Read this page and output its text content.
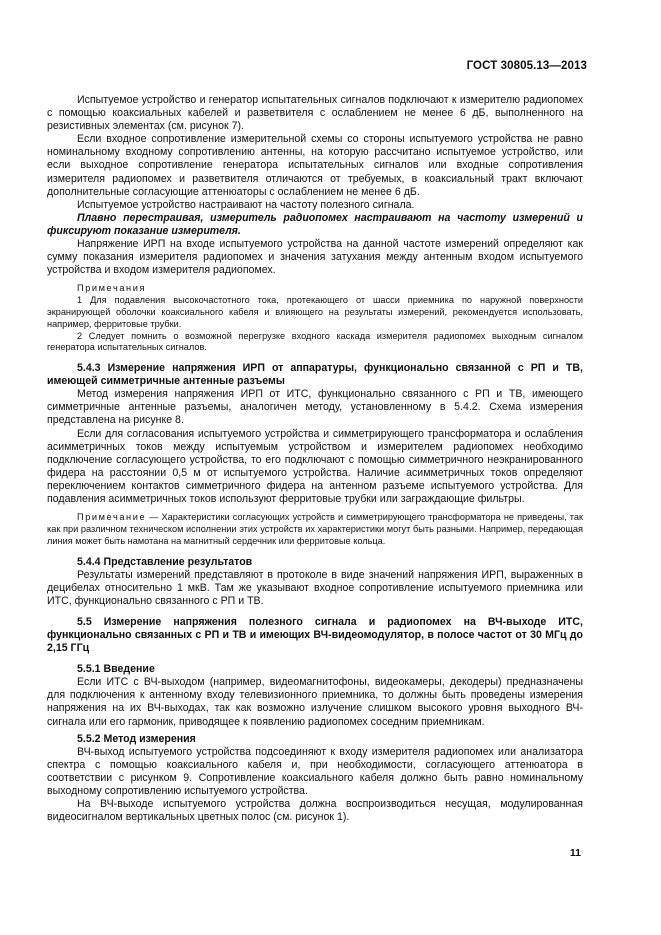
ГОСТ 30805.13—2013

Испытуемое устройство и генератор испытательных сигналов подключают к измерителю радиопомех с помощью коаксиальных кабелей и разветвителя с ослаблением не менее 6 дБ, выполненного на резистивных элементах (см. рисунок 7).

Если входное сопротивление измерительной схемы со стороны испытуемого устройства не равно номинальному входному сопротивлению антенны, на которую рассчитано испытуемое устройство, или если выходное сопротивление генератора испытательных сигналов или входные сопротивления измерителя радиопомех и разветвителя отличаются от требуемых, в коаксиальный тракт включают дополнительные согласующие аттенюаторы с ослаблением не менее 6 дБ.

Испытуемое устройство настраивают на частоту полезного сигнала.

Плавно перестраивая, измеритель радиопомех настраивают на частоту измерений и фиксируют показание измерителя.

Напряжение ИРП на входе испытуемого устройства на данной частоте измерений определяют как сумму показания измерителя радиопомех и значения затухания между антенным входом испытуемого устройства и входом измерителя радиопомех.

Примечания

1 Для подавления высокочастотного тока, протекающего от шасси приемника по наружной поверхности экранирующей оболочки коаксиального кабеля и влияющего на результаты измерений, рекомендуется использовать, например, ферритовые трубки.

2 Следует помнить о возможной перегрузке входного каскада измерителя радиопомех выходным сигналом генератора испытательных сигналов.

5.4.3 Измерение напряжения ИРП от аппаратуры, функционально связанной с РП и ТВ, имеющей симметричные антенные разъемы

Метод измерения напряжения ИРП от ИТС, функционально связанного с РП и ТВ, имеющего симметричные антенные разъемы, аналогичен методу, установленному в 5.4.2. Схема измерения представлена на рисунке 8.

Если для согласования испытуемого устройства и симметрирующего трансформатора и ослабления асимметричных токов между испытуемым устройством и измерителем радиопомех необходимо подключение согласующего устройства, то его подключают с помощью симметричного неэкранированного фидера на расстоянии 0,5 м от испытуемого устройства. Наличие асимметричных токов определяют переключением контактов симметричного фидера на антенном разъеме испытуемого устройства. Для подавления асимметричных токов используют ферритовые трубки или заграждающие фильтры.

Примечание — Характеристики согласующих устройств и симметрирующего трансформатора не приведены, так как при различном техническом исполнении этих устройств их характеристики могут быть разными. Например, передающая линия может быть намотана на магнитный сердечник или ферритовые кольца.

5.4.4 Представление результатов

Результаты измерений представляют в протоколе в виде значений напряжения ИРП, выраженных в децибелах относительно 1 мкВ. Там же указывают входное сопротивление испытуемого приемника или ИТС, функционально связанного с РП и ТВ.

5.5 Измерение напряжения полезного сигнала и радиопомех на ВЧ-выходе ИТС, функционально связанных с РП и ТВ и имеющих ВЧ-видеомодулятор, в полосе частот от 30 МГц до 2,15 ГГц

5.5.1 Введение

Если ИТС с ВЧ-выходом (например, видеомагнитофоны, видеокамеры, декодеры) предназначены для подключения к антенному входу телевизионного приемника, то должны быть проведены измерения напряжения на их ВЧ-выходах, так как возможно излучение слишком высокого уровня выходного ВЧ-сигнала или его гармоник, приводящее к появлению радиопомех соседним приемникам.

5.5.2 Метод измерения

ВЧ-выход испытуемого устройства подсоединяют к входу измерителя радиопомех или анализатора спектра с помощью коаксиального кабеля и, при необходимости, согласующего аттенюатора в соответствии с рисунком 9. Сопротивление коаксиального кабеля должно быть равно номинальному выходному сопротивлению испытуемого устройства.

На ВЧ-выходе испытуемого устройства должна воспроизводиться несущая, модулированная видеосигналом вертикальных цветных полос (см. рисунок 1).

11
